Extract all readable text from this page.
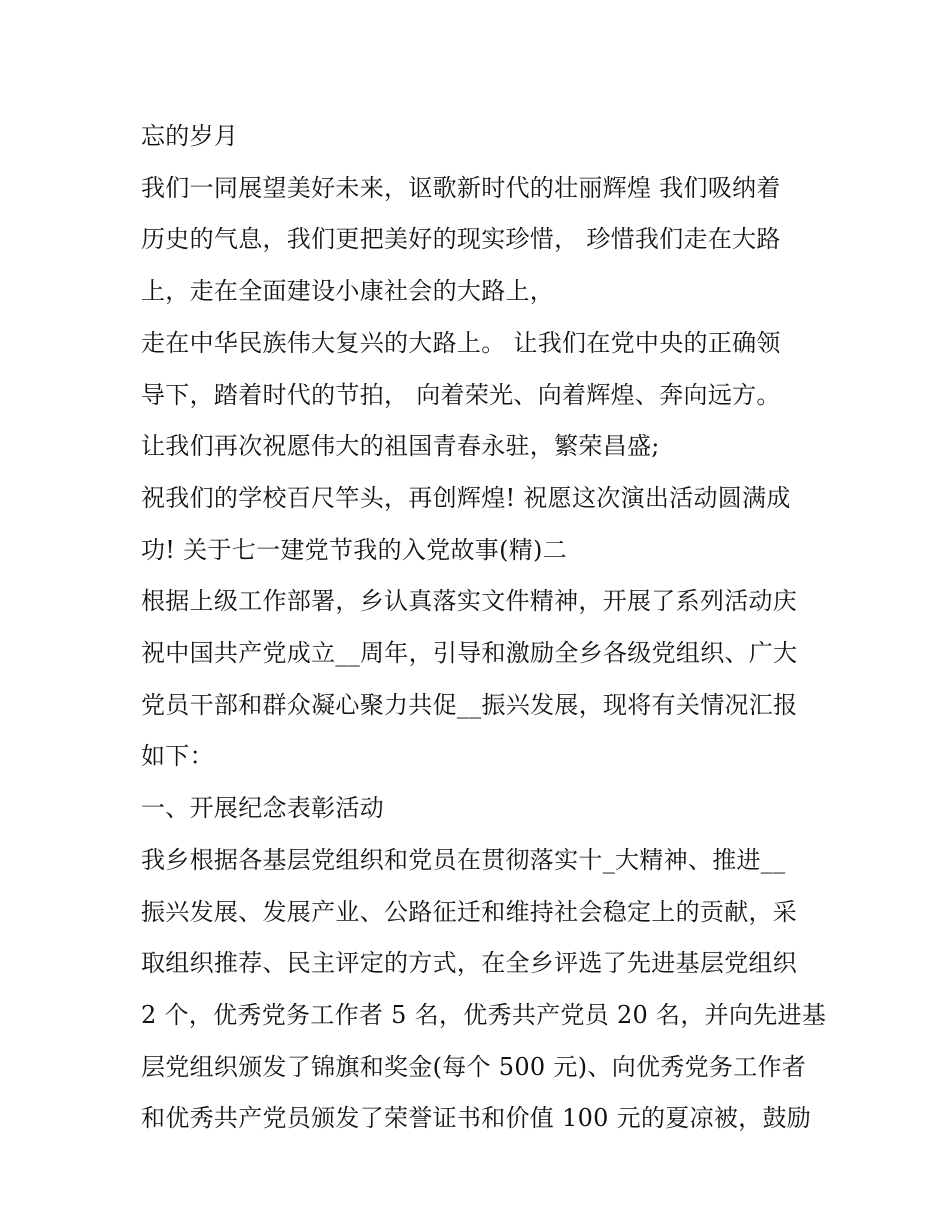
忘的岁月
我们一同展望美好未来，讴歌新时代的壮丽辉煌 我们吸纳着
历史的气息，我们更把美好的现实珍惜， 珍惜我们走在大路
上，走在全面建设小康社会的大路上，
走在中华民族伟大复兴的大路上。 让我们在党中央的正确领
导下，踏着时代的节拍， 向着荣光、向着辉煌、奔向远方。
让我们再次祝愿伟大的祖国青春永驻，繁荣昌盛;
祝我们的学校百尺竿头，再创辉煌! 祝愿这次演出活动圆满成
功! 关于七一建党节我的入党故事(精)二
根据上级工作部署，乡认真落实文件精神，开展了系列活动庆
祝中国共产党成立__周年，引导和激励全乡各级党组织、广大
党员干部和群众凝心聚力共促__振兴发展，现将有关情况汇报
如下：
一、开展纪念表彰活动
我乡根据各基层党组织和党员在贯彻落实十_大精神、推进__
振兴发展、发展产业、公路征迁和维持社会稳定上的贡献，采
取组织推荐、民主评定的方式，在全乡评选了先进基层党组织
2 个，优秀党务工作者 5 名，优秀共产党员 20 名，并向先进基
层党组织颁发了锦旗和奖金(每个 500 元)、向优秀党务工作者
和优秀共产党员颁发了荣誉证书和价值 100 元的夏凉被，鼓励
